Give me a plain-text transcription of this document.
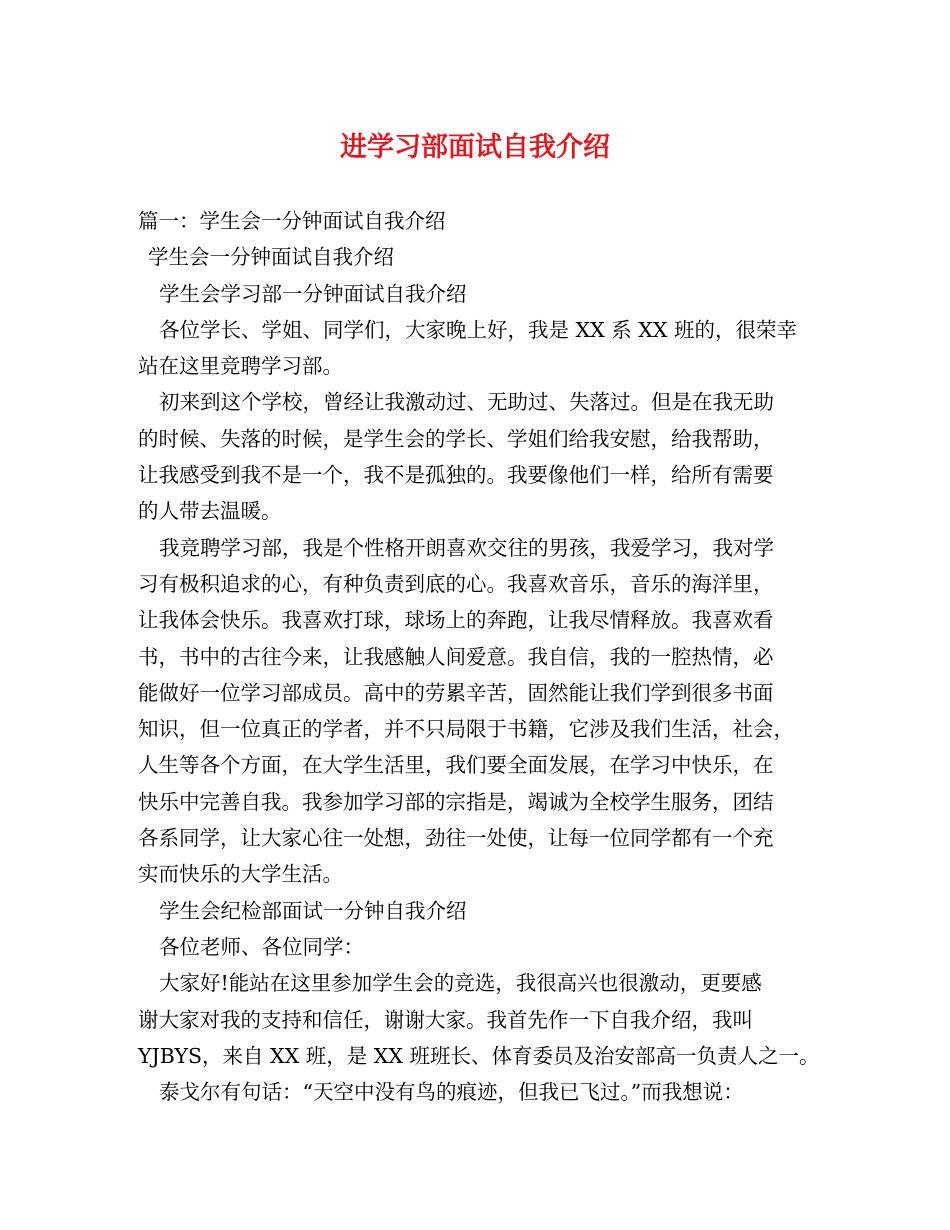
进学习部面试自我介绍
篇一：学生会一分钟面试自我介绍
学生会一分钟面试自我介绍
学生会学习部一分钟面试自我介绍
各位学长、学姐、同学们，大家晚上好，我是 XX 系 XX 班的，很荣幸
站在这里竞聘学习部。
初来到这个学校，曾经让我激动过、无助过、失落过。但是在我无助
的时候、失落的时候，是学生会的学长、学姐们给我安慰，给我帮助，
让我感受到我不是一个，我不是孤独的。我要像他们一样，给所有需要
的人带去温暖。
我竞聘学习部，我是个性格开朗喜欢交往的男孩，我爱学习，我对学
习有极积追求的心，有种负责到底的心。我喜欢音乐，音乐的海洋里，
让我体会快乐。我喜欢打球，球场上的奔跑，让我尽情释放。我喜欢看
书，书中的古往今来，让我感触人间爱意。我自信，我的一腔热情，必
能做好一位学习部成员。高中的劳累辛苦，固然能让我们学到很多书面
知识，但一位真正的学者，并不只局限于书籍，它涉及我们生活，社会，
人生等各个方面，在大学生活里，我们要全面发展，在学习中快乐，在
快乐中完善自我。我参加学习部的宗指是，竭诚为全校学生服务，团结
各系同学，让大家心往一处想，劲往一处使，让每一位同学都有一个充
实而快乐的大学生活。
学生会纪检部面试一分钟自我介绍
各位老师、各位同学：
大家好!能站在这里参加学生会的竞选，我很高兴也很激动，更要感
谢大家对我的支持和信任，谢谢大家。我首先作一下自我介绍，我叫
YJBYS，来自 XX 班，是 XX 班班长、体育委员及治安部高一负责人之一。
泰戈尔有句话：“天空中没有鸟的痕迹，但我已飞过。”而我想说：
